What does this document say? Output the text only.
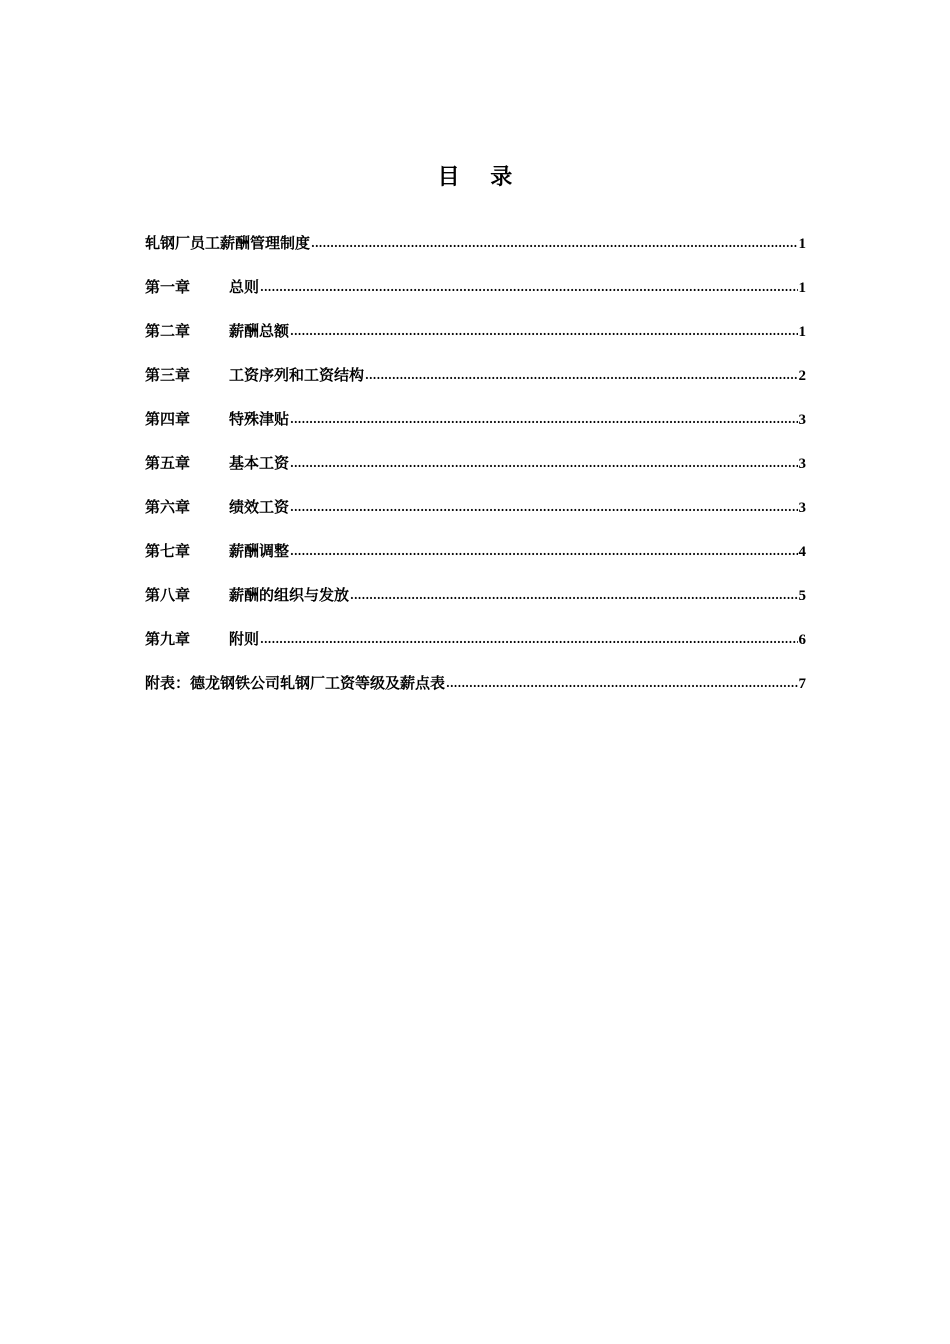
目    录
轧钢厂员工薪酬管理制度 .....	1
第一章	总则 .....	1
第二章	薪酬总额 .....	1
第三章	工资序列和工资结构 .....	2
第四章	特殊津贴 .....	3
第五章	基本工资 .....	3
第六章	绩效工资 .....	3
第七章	薪酬调整 .....	4
第八章	薪酬的组织与发放 .....	5
第九章	附则 .....	6
附表：德龙钢铁公司轧钢厂工资等级及薪点表 .....	7
